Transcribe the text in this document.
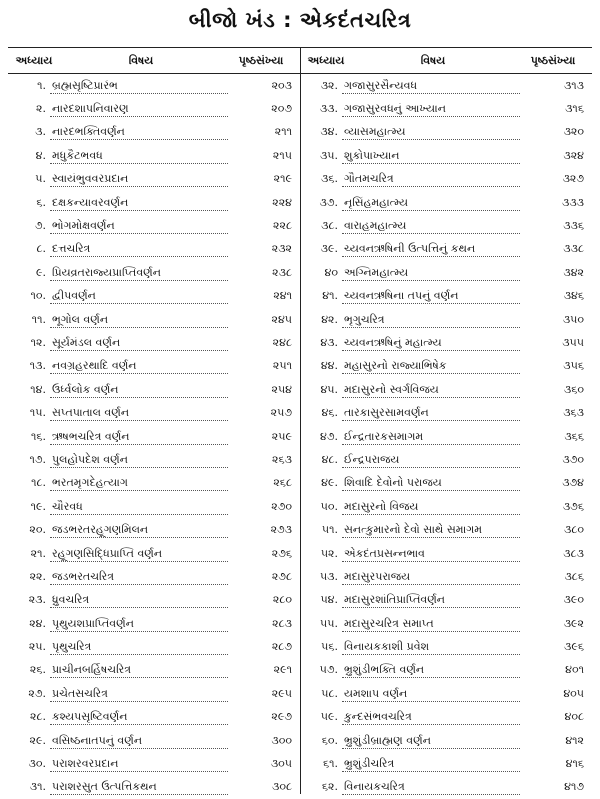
બીજો ખંડ : એકદંતચરિત્ર
અધ્યાય	વિષય	પૃષ્ઠસંખ્યા
૧. બ્રહ્મસૃષ્ટિપ્રારંભ	૨૦૩
૨. નારદશાપનિવારણ	૨૦૭
૩. નારદભક્તિવર્ણન	૨૧૧
૪. મધુકૈટભવધ	૨૧૫
૫. સ્વાયંભુવવરપ્રદાન	૨૧૯
૬. દક્ષકન્યાવરવર્ણન	૨૨૪
૭. ભોગમોક્ષવર્ણન	૨૨૮
૮. દત્તચરિત્ર	૨૩૨
૯. પ્રિયવ્રતરાજ્યપ્રાપ્તિવર્ણન	૨૩૮
૧૦. દ્વીપવર્ણન	૨૪૧
૧૧. ભૂગોલ વર્ણન	૨૪૫
૧૨. સૂર્યમંડલ વર્ણન	૨૪૮
૧૩. નવગ્રહરથાદિ વર્ણન	૨૫૧
૧૪. ઉર્ધ્વલોક વર્ણન	૨૫૪
૧૫. સપ્તપાતાલ વર્ણન	૨૫૭
૧૬. ઋષભચરિત્ર વર્ણન	૨૫૯
૧૭. પુલહોપદેશ વર્ણન	૨૬૩
૧૮. ભરતમૃગદેહત્યાગ	૨૬૮
૧૯. ચૌરવધ	૨૭૦
૨૦. જડભરતરહૂગણમિલન	૨૭૩
૨૧. રહૂગણસિદ્ધિપ્રાપ્તિ વર્ણન	૨૭૬
૨૨. જડભરતચરિત્ર	૨૭૮
૨૩. ધ્રુવચરિત્ર	૨૮૦
૨૪. પૃથુયશપ્રાપ્તિવર્ણન	૨૮૩
૨૫. પૃથુચરિત્ર	૨૮૭
૨૬. પ્રાચીનબર્હિષચરિત્ર	૨૯૧
૨૭. પ્રચેતસચરિત્ર	૨૯૫
૨૮. કશ્યપસૃષ્ટિવર્ણન	૨૯૭
૨૯. વસિષ્ઠનાતપનું વર્ણન	૩૦૦
૩૦. પરાશરવરપ્રદાન	૩૦૫
૩૧. પરાશરસુત ઉત્પત્તિકથન	૩૦૮
અધ્યાય	વિષય	પૃષ્ઠસંખ્યા
૩૨. ગજાસુરસૈન્યવધ	૩૧૩
૩૩. ગજાસુરવધનું આખ્યાન	૩૧૬
૩૪. વ્યાસમહાત્મ્ય	૩૨૦
૩૫. શુકોપાખ્યાન	૩૨૪
૩૬. ગૌતમચરિત્ર	૩૨૭
૩૭. નૃસિંહમહાત્મ્ય	૩૩૩
૩૮. વારાહમહાત્મ્ય	૩૩૬
૩૯. ચ્યવનઋષિની ઉત્પત્તિનું કથન	૩૩૮
૪૦ અગ્નિમહાત્મ્ય	૩૪૨
૪૧. ચ્યવનઋષિના તપનું વર્ણન	૩૪૬
૪૨. ભૃગુચરિત્ર	૩૫૦
૪૩. ચ્યવનઋષિનું મહાત્મ્ય	૩૫૫
૪૪. મહાસુરનો રાજ્યાભિષેક	૩૫૬
૪૫. મદાસુરનો સ્વર્ગવિજય	૩૬૦
૪૬. તારકાસુરસામવર્ણન	૩૬૩
૪૭. ઈન્દ્રતારકસમાગમ	૩૬૬
૪૮. ઈન્દ્રપરાજય	૩૭૦
૪૯. શિવાદિ દેવોનો પરાજય	૩૭૪
૫૦. મદાસુરનો વિજય	૩૭૬
૫૧. સનત્કુમારનો દેવો સાથે સમાગમ	૩૮૦
૫૨. એકદંતપ્રસન્નભાવ	૩૮૩
૫૩. મદાસુરપરાજય	૩૮૬
૫૪. મદાસુરશાંતિપ્રાપ્તિવર્ણન	૩૯૦
૫૫. મદાસુરચરિત્ર સમાપ્ત	૩૯૨
૫૬. વિનાયકકાશી પ્રવેશ	૩૯૬
૫૭. ભ્રુશુંડીભક્તિ વર્ણન	૪૦૧
૫૮. યમશાપ વર્ણન	૪૦૫
૫૯. કુન્દસંભવચરિત્ર	૪૦૮
૬૦. ભ્રુશુંડીબ્રાહ્મણ વર્ણન	૪૧૨
૬૧. ભ્રુશુંડીચરિત્ર	૪૧૬
૬૨. વિનાયકચરિત્ર	૪૧૭
